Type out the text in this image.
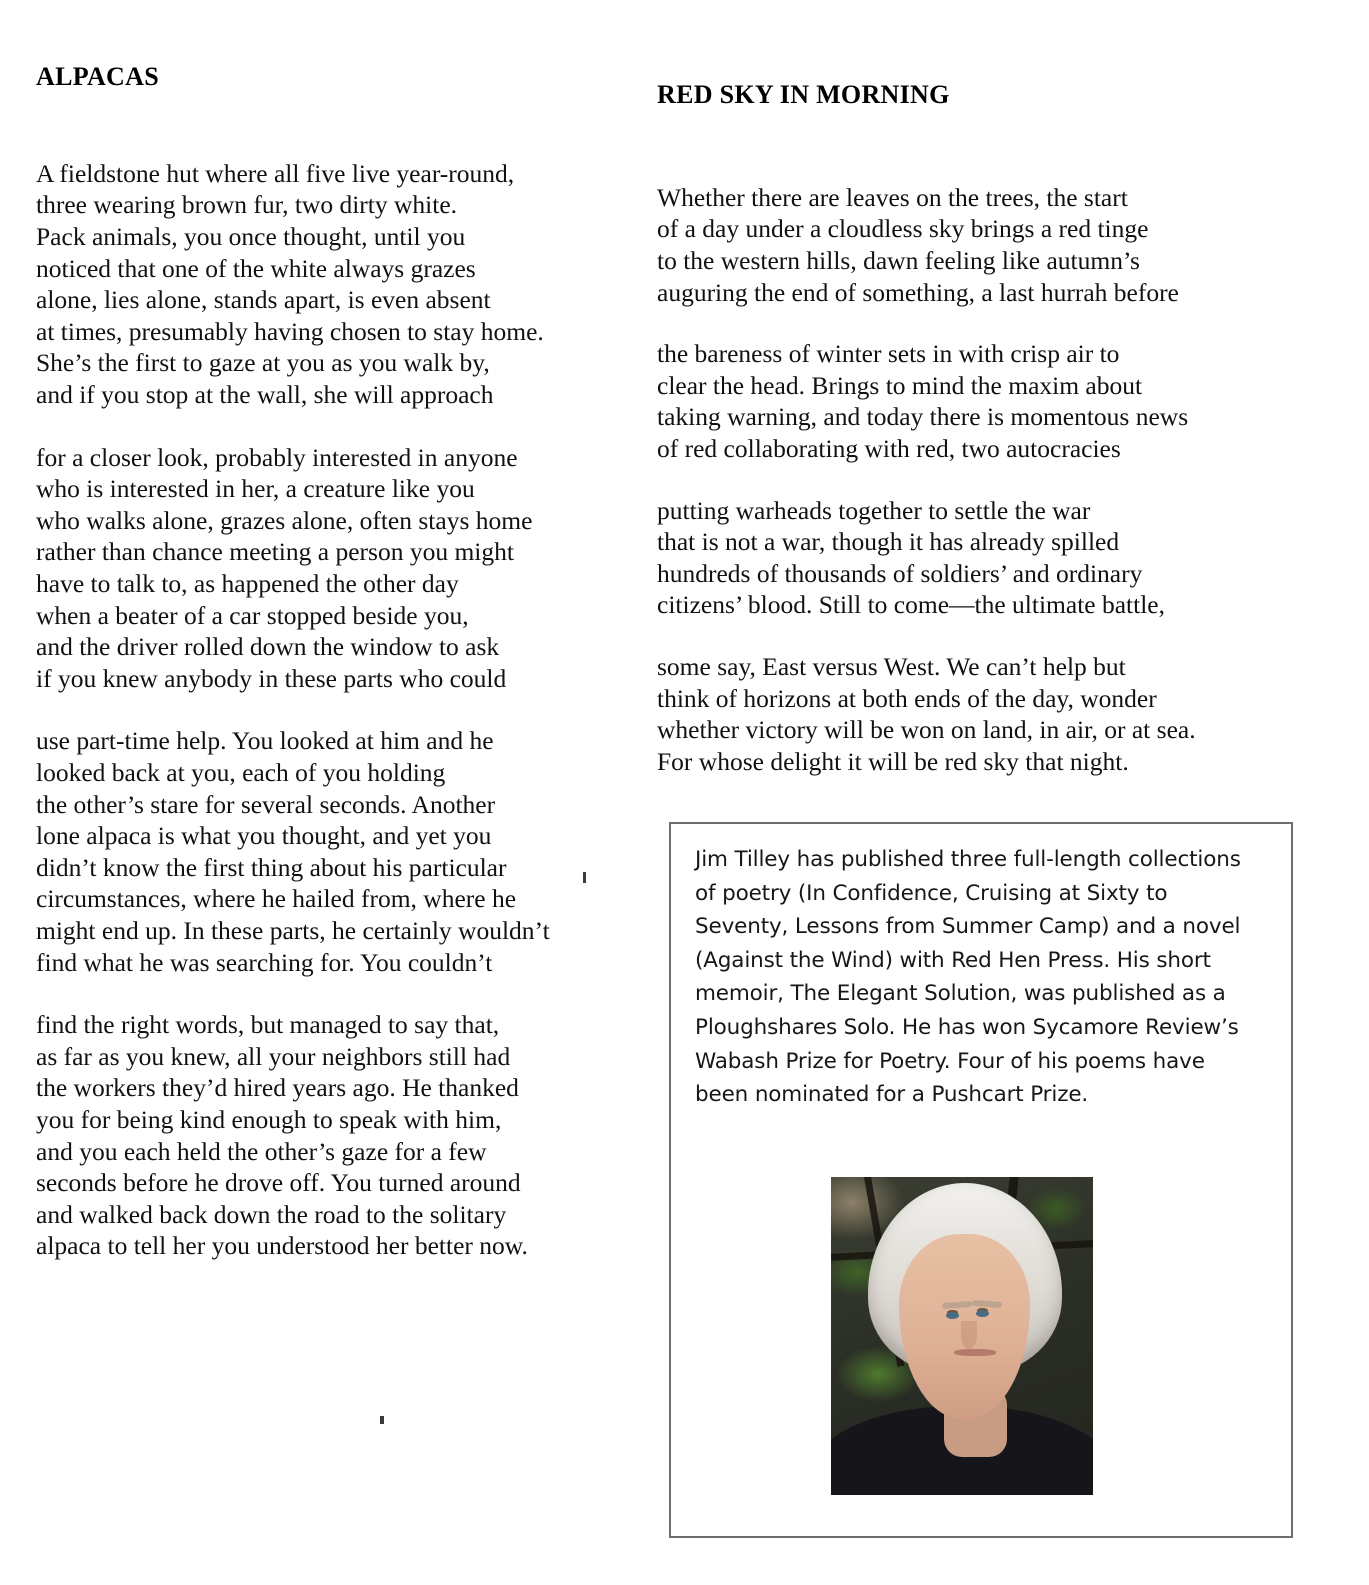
ALPACAS
A fieldstone hut where all five live year-round,
three wearing brown fur, two dirty white.
Pack animals, you once thought, until you
noticed that one of the white always grazes
alone, lies alone, stands apart, is even absent
at times, presumably having chosen to stay home.
She’s the first to gaze at you as you walk by,
and if you stop at the wall, she will approach
for a closer look, probably interested in anyone
who is interested in her, a creature like you
who walks alone, grazes alone, often stays home
rather than chance meeting a person you might
have to talk to, as happened the other day
when a beater of a car stopped beside you,
and the driver rolled down the window to ask
if you knew anybody in these parts who could
use part-time help. You looked at him and he
looked back at you, each of you holding
the other’s stare for several seconds. Another
lone alpaca is what you thought, and yet you
didn’t know the first thing about his particular
circumstances, where he hailed from, where he
might end up. In these parts, he certainly wouldn’t
find what he was searching for. You couldn’t
find the right words, but managed to say that,
as far as you knew, all your neighbors still had
the workers they’d hired years ago. He thanked
you for being kind enough to speak with him,
and you each held the other’s gaze for a few
seconds before he drove off. You turned around
and walked back down the road to the solitary
alpaca to tell her you understood her better now.
RED SKY IN MORNING
Whether there are leaves on the trees, the start
of a day under a cloudless sky brings a red tinge
to the western hills, dawn feeling like autumn’s
auguring the end of something, a last hurrah before
the bareness of winter sets in with crisp air to
clear the head. Brings to mind the maxim about
taking warning, and today there is momentous news
of red collaborating with red, two autocracies
putting warheads together to settle the war
that is not a war, though it has already spilled
hundreds of thousands of soldiers’ and ordinary
citizens’ blood. Still to come—the ultimate battle,
some say, East versus West. We can’t help but
think of horizons at both ends of the day, wonder
whether victory will be won on land, in air, or at sea.
For whose delight it will be red sky that night.
Jim Tilley has published three full-length collections of poetry (In Confidence, Cruising at Sixty to Seventy, Lessons from Summer Camp) and a novel (Against the Wind) with Red Hen Press. His short memoir, The Elegant Solution, was published as a Ploughshares Solo. He has won Sycamore Review’s Wabash Prize for Poetry. Four of his poems have been nominated for a Pushcart Prize.
